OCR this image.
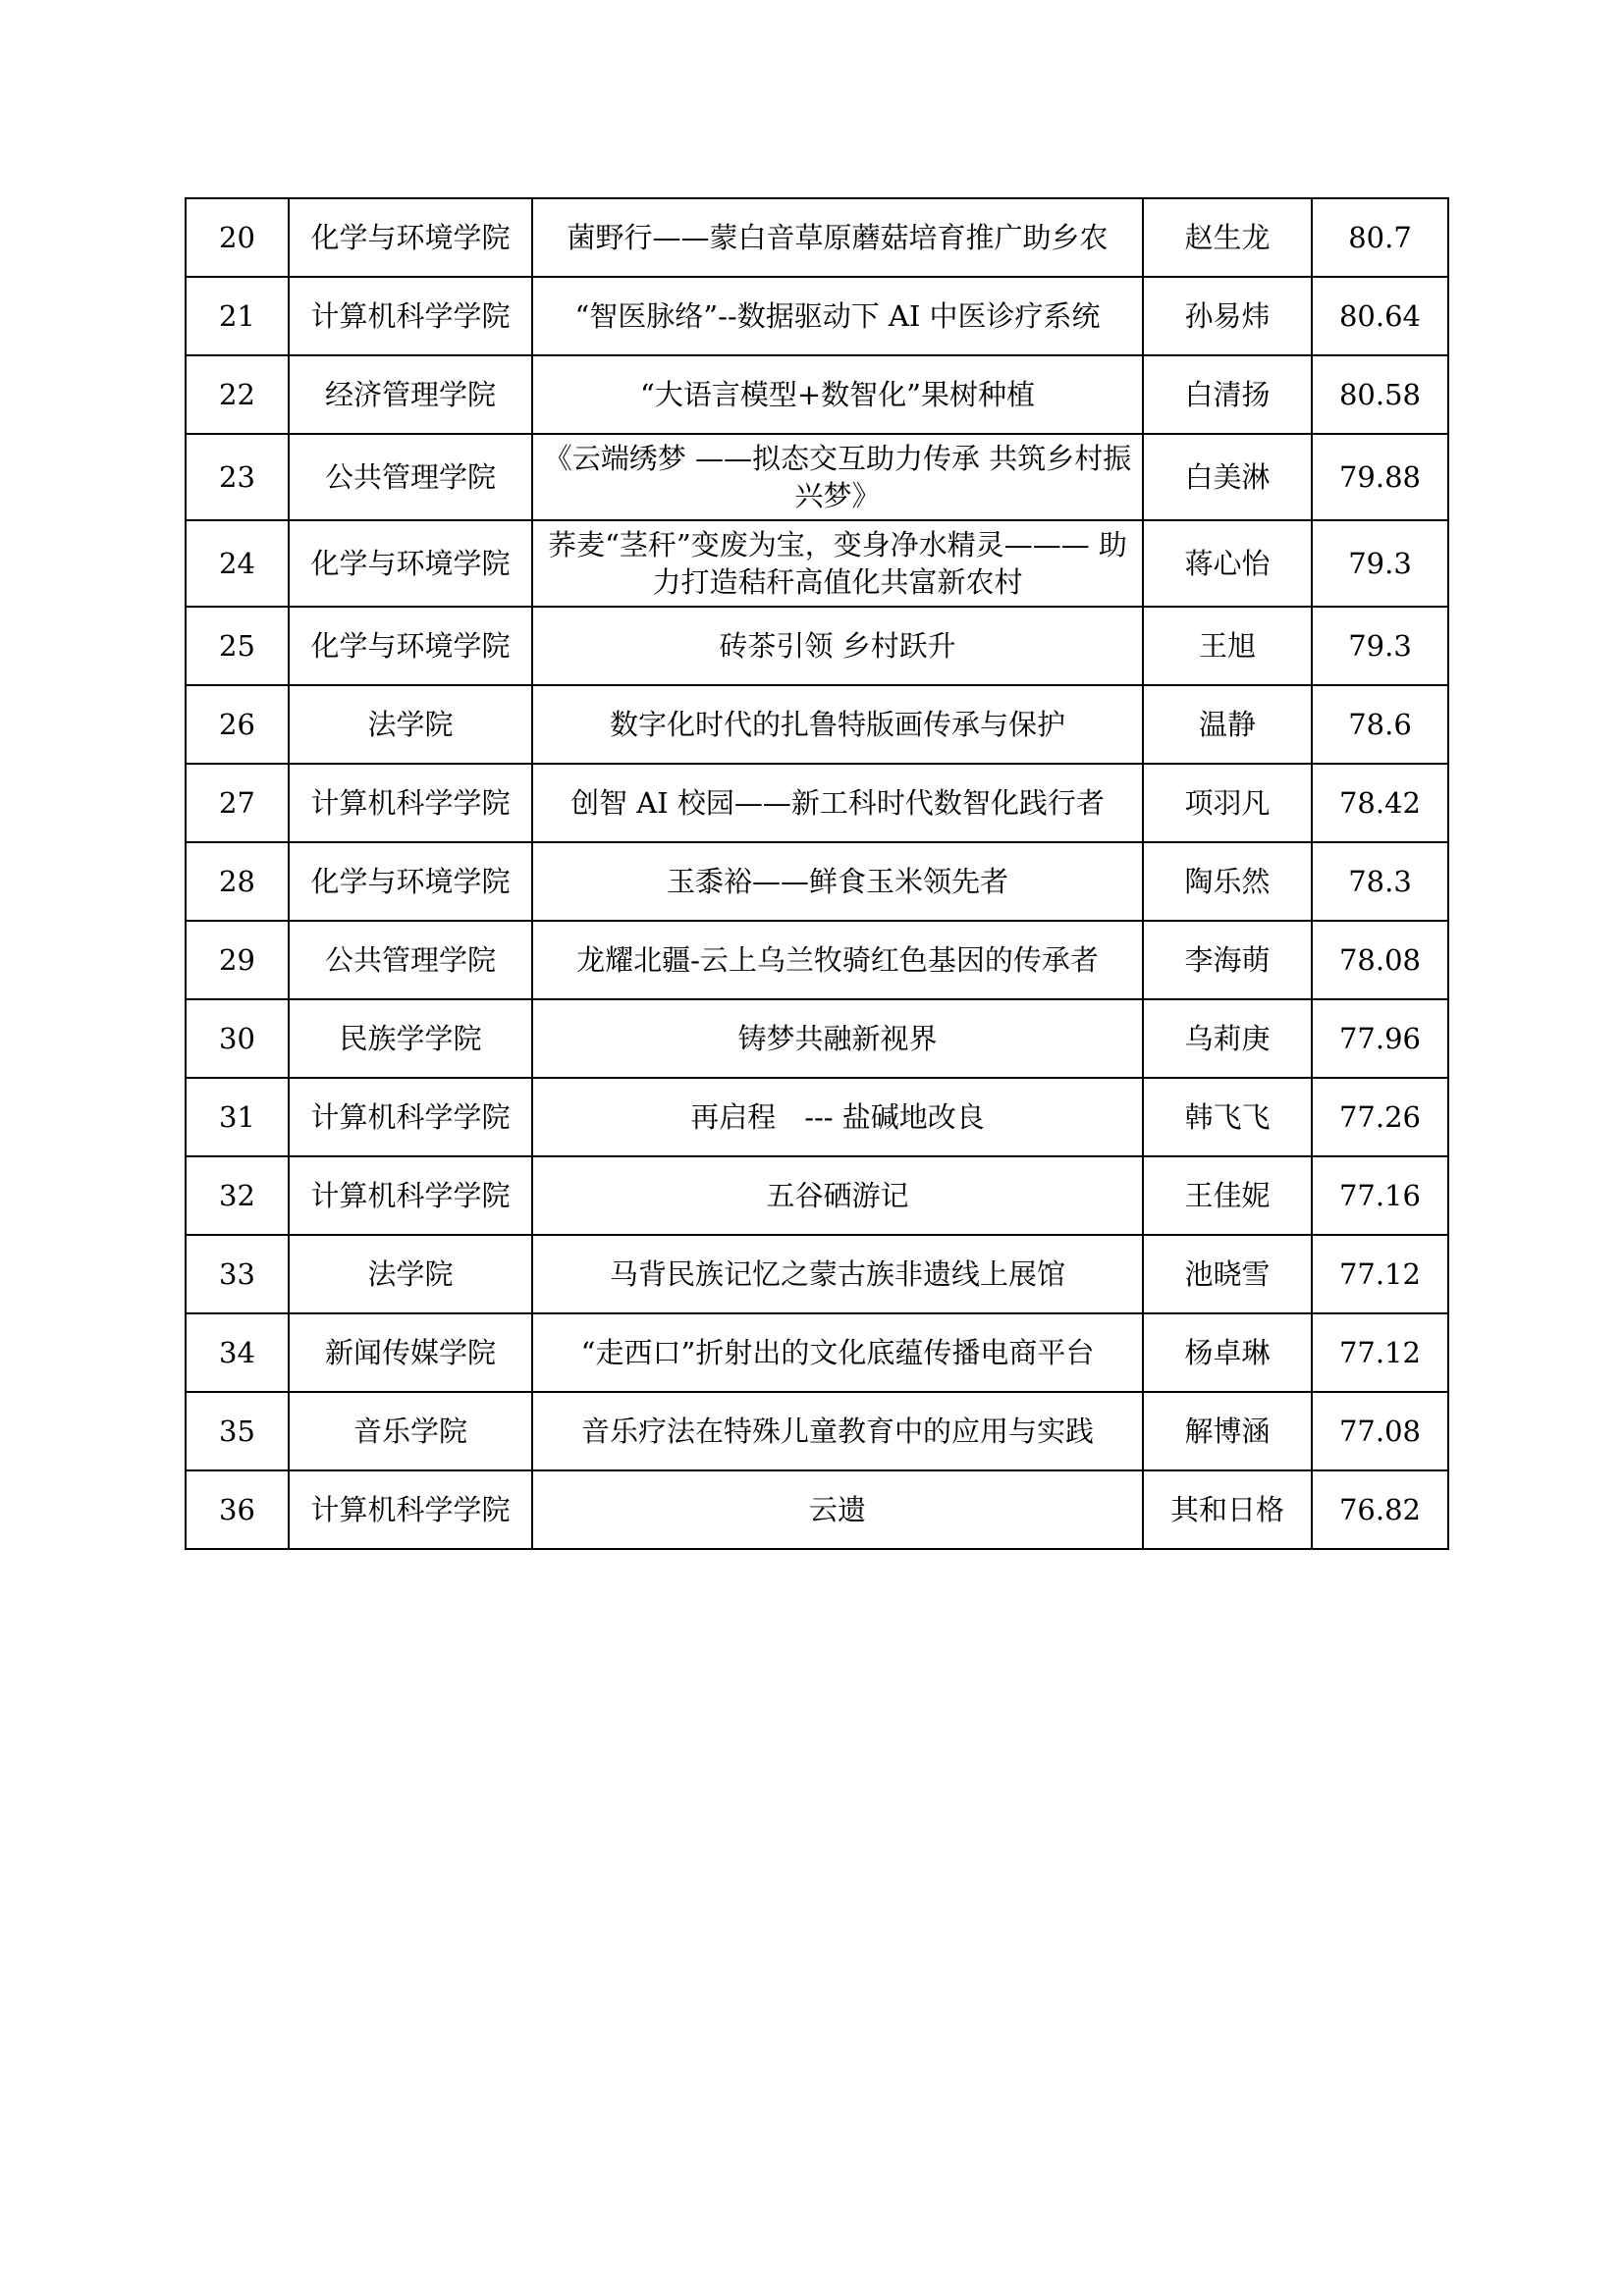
20	化学与环境学院	菌野行——蒙白音草原蘑菇培育推广助乡农	赵生龙	80.7
21	计算机科学学院	“智医脉络”--数据驱动下 AI 中医诊疗系统	孙易炜	80.64
22	经济管理学院	“大语言模型+数智化”果树种植	白清扬	80.58
23	公共管理学院	《云端绣梦 ——拟态交互助力传承 共筑乡村振兴梦》	白美淋	79.88
24	化学与环境学院	荞麦“茎秆”变废为宝，变身净水精灵——— 助力打造秸秆高值化共富新农村	蒋心怡	79.3
25	化学与环境学院	砖茶引领 乡村跃升	王旭	79.3
26	法学院	数字化时代的扎鲁特版画传承与保护	温静	78.6
27	计算机科学学院	创智 AI 校园——新工科时代数智化践行者	项羽凡	78.42
28	化学与环境学院	玉黍裕——鲜食玉米领先者	陶乐然	78.3
29	公共管理学院	龙耀北疆-云上乌兰牧骑红色基因的传承者	李海萌	78.08
30	民族学学院	铸梦共融新视界	乌莉庚	77.96
31	计算机科学学院	再启程　--- 盐碱地改良	韩飞飞	77.26
32	计算机科学学院	五谷硒游记	王佳妮	77.16
33	法学院	马背民族记忆之蒙古族非遗线上展馆	池晓雪	77.12
34	新闻传媒学院	“走西口”折射出的文化底蕴传播电商平台	杨卓琳	77.12
35	音乐学院	音乐疗法在特殊儿童教育中的应用与实践	解博涵	77.08
36	计算机科学学院	云遗	其和日格	76.82
